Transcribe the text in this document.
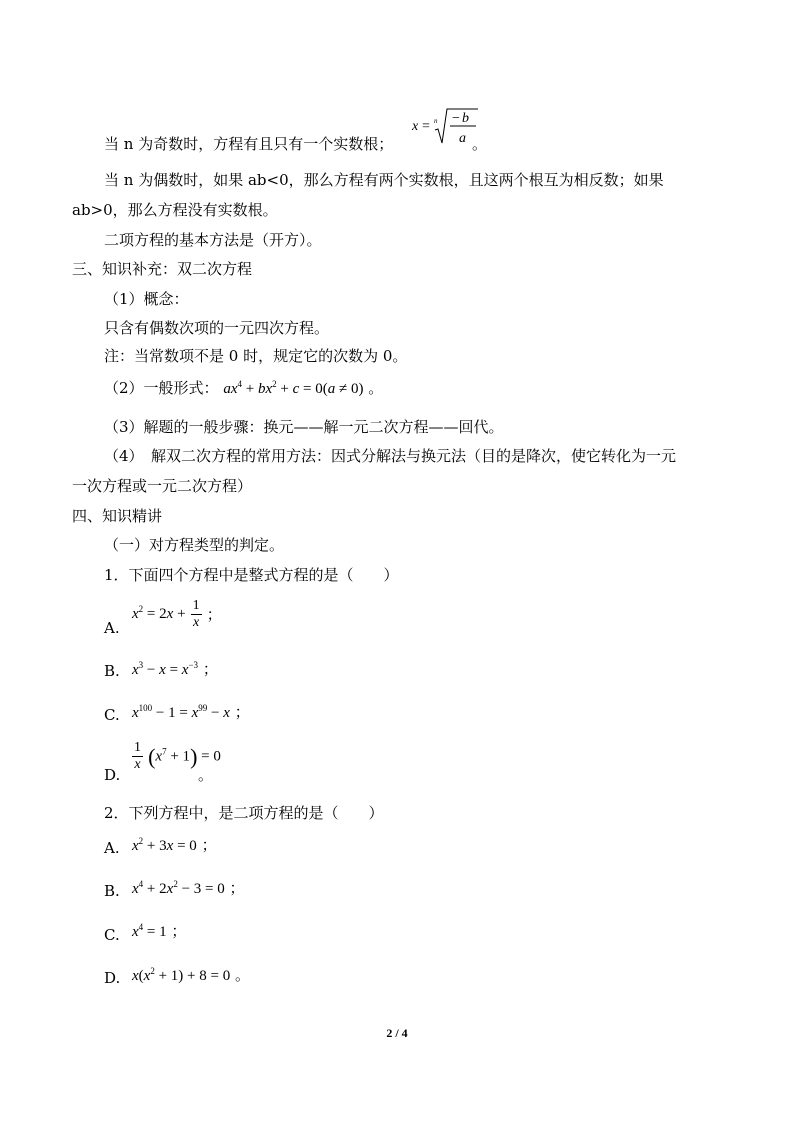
当 n 为奇数时，方程有且只有一个实数根；
x = n − b
a 。
当 n 为偶数时，如果 ab<0，那么方程有两个实数根，且这两个根互为相反数；如果
ab>0，那么方程没有实数根。
二项方程的基本方法是（开方）。
三、知识补充：双二次方程
（1）概念：
只含有偶数次项的一元四次方程。
注：当常数项不是 0 时，规定它的次数为 0。
（2）一般形式： $ax^4 + bx^2 + c = 0(a \ne 0)$ 。
（3）解题的一般步骤：换元——解一元二次方程——回代。
（4）　解双二次方程的常用方法：因式分解法与换元法（目的是降次，使它转化为一元
一次方程或一元二次方程）
四、知识精讲
（一）对方程类型的判定。
1．下面四个方程中是整式方程的是（　　）
A.
$x^2 = 2x + \frac{1}{x}$ ；
B. $x^3 - x = x^{-3}$ ；
C. $x^{100} - 1 = x^{99} - x$ ；
D.
$\frac{1}{x} (x^7 + 1) = 0$
。
2．下列方程中，是二项方程的是（　　）
A. $x^2 + 3x = 0$ ；
B. $x^4 + 2x^2 - 3 = 0$ ；
C. $x^4 = 1$ ；
D. $x(x^2 + 1) + 8 = 0$ 。
2 / 4
